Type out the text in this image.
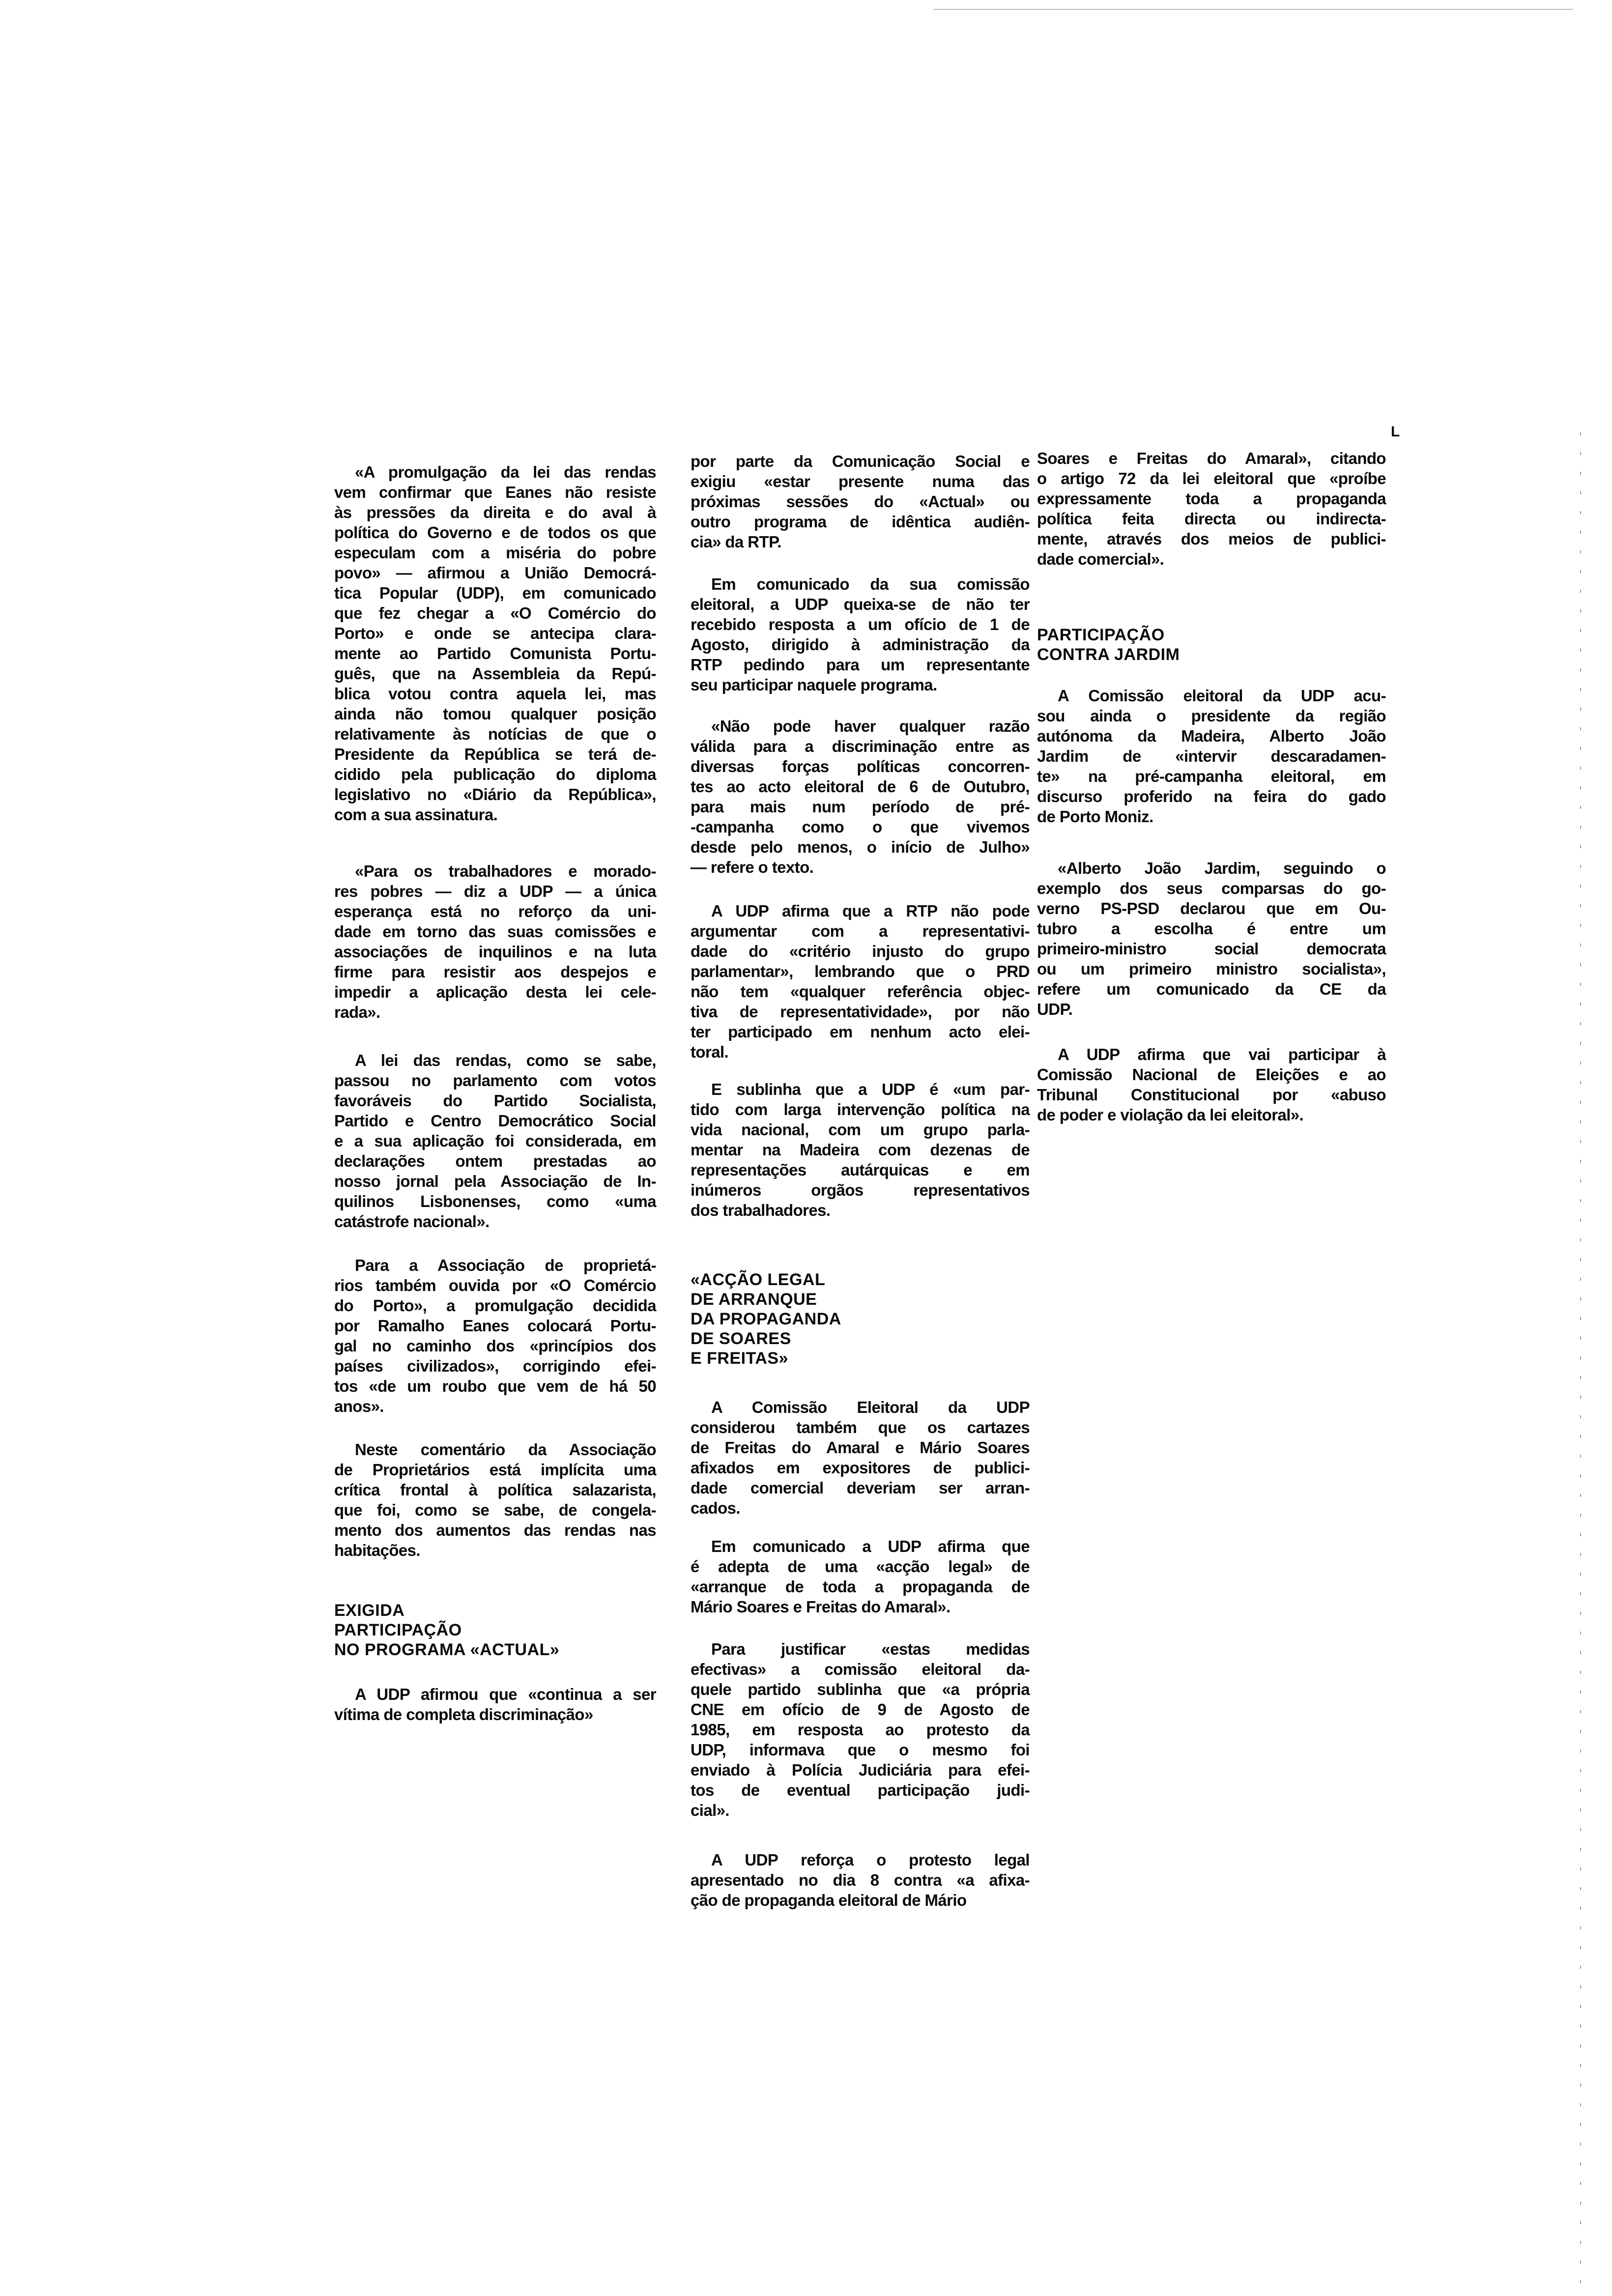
L
«A promulgação da lei das rendas
vem confirmar que Eanes não resiste
às pressões da direita e do aval à
política do Governo e de todos os que
especulam com a miséria do pobre
povo» — afirmou a União Democrá-
tica Popular (UDP), em comunicado
que fez chegar a «O Comércio do
Porto» e onde se antecipa clara-
mente ao Partido Comunista Portu-
guês, que na Assembleia da Repú-
blica votou contra aquela lei, mas
ainda não tomou qualquer posição
relativamente às notícias de que o
Presidente da República se terá de-
cidido pela publicação do diploma
legislativo no «Diário da República»,
com a sua assinatura.
«Para os trabalhadores e morado-
res pobres — diz a UDP — a única
esperança está no reforço da uni-
dade em torno das suas comissões e
associações de inquilinos e na luta
firme para resistir aos despejos e
impedir a aplicação desta lei cele-
rada».
A lei das rendas, como se sabe,
passou no parlamento com votos
favoráveis do Partido Socialista,
Partido e Centro Democrático Social
e a sua aplicação foi considerada, em
declarações ontem prestadas ao
nosso jornal pela Associação de In-
quilinos Lisbonenses, como «uma
catástrofe nacional».
Para a Associação de proprietá-
rios também ouvida por «O Comércio
do Porto», a promulgação decidida
por Ramalho Eanes colocará Portu-
gal no caminho dos «princípios dos
países civilizados», corrigindo efei-
tos «de um roubo que vem de há 50
anos».
Neste comentário da Associação
de Proprietários está implícita uma
crítica frontal à política salazarista,
que foi, como se sabe, de congela-
mento dos aumentos das rendas nas
habitações.
EXIGIDA
PARTICIPAÇÃO
NO PROGRAMA «ACTUAL»
A UDP afirmou que «continua a ser
vítima de completa discriminação»
por parte da Comunicação Social e
exigiu «estar presente numa das
próximas sessões do «Actual» ou
outro programa de idêntica audiên-
cia» da RTP.
Em comunicado da sua comissão
eleitoral, a UDP queixa-se de não ter
recebido resposta a um ofício de 1 de
Agosto, dirigido à administração da
RTP pedindo para um representante
seu participar naquele programa.
«Não pode haver qualquer razão
válida para a discriminação entre as
diversas forças políticas concorren-
tes ao acto eleitoral de 6 de Outubro,
para mais num período de pré-
-campanha como o que vivemos
desde pelo menos, o início de Julho»
— refere o texto.
A UDP afirma que a RTP não pode
argumentar com a representativi-
dade do «critério injusto do grupo
parlamentar», lembrando que o PRD
não tem «qualquer referência objec-
tiva de representatividade», por não
ter participado em nenhum acto elei-
toral.
E sublinha que a UDP é «um par-
tido com larga intervenção política na
vida nacional, com um grupo parla-
mentar na Madeira com dezenas de
representações autárquicas e em
inúmeros orgãos representativos
dos trabalhadores.
«ACÇÃO LEGAL
DE ARRANQUE
DA PROPAGANDA
DE SOARES
E FREITAS»
A Comissão Eleitoral da UDP
considerou também que os cartazes
de Freitas do Amaral e Mário Soares
afixados em expositores de publici-
dade comercial deveriam ser arran-
cados.
Em comunicado a UDP afirma que
é adepta de uma «acção legal» de
«arranque de toda a propaganda de
Mário Soares e Freitas do Amaral».
Para justificar «estas medidas
efectivas» a comissão eleitoral da-
quele partido sublinha que «a própria
CNE em ofício de 9 de Agosto de
1985, em resposta ao protesto da
UDP, informava que o mesmo foi
enviado à Polícia Judiciária para efei-
tos de eventual participação judi-
cial».
A UDP reforça o protesto legal
apresentado no dia 8 contra «a afixa-
ção de propaganda eleitoral de Mário
Soares e Freitas do Amaral», citando
o artigo 72 da lei eleitoral que «proíbe
expressamente toda a propaganda
política feita directa ou indirecta-
mente, através dos meios de publici-
dade comercial».
PARTICIPAÇÃO
CONTRA JARDIM
A Comissão eleitoral da UDP acu-
sou ainda o presidente da região
autónoma da Madeira, Alberto João
Jardim de «intervir descaradamen-
te» na pré-campanha eleitoral, em
discurso proferido na feira do gado
de Porto Moniz.
«Alberto João Jardim, seguindo o
exemplo dos seus comparsas do go-
verno PS-PSD declarou que em Ou-
tubro a escolha é entre um
primeiro-ministro social democrata
ou um primeiro ministro socialista»,
refere um comunicado da CE da
UDP.
A UDP afirma que vai participar à
Comissão Nacional de Eleições e ao
Tribunal Constitucional por «abuso
de poder e violação da lei eleitoral».
